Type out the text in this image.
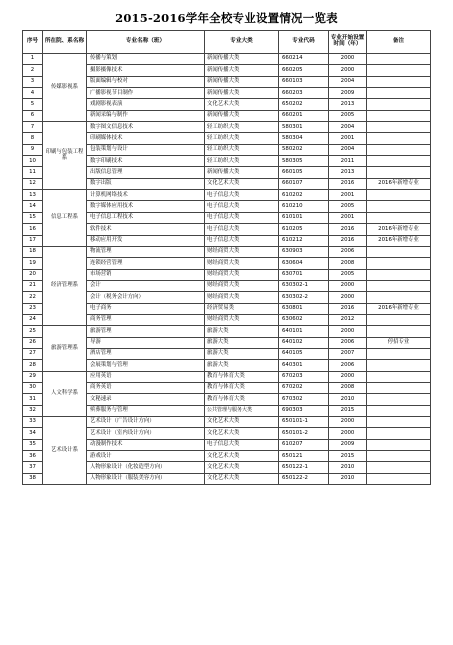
2015-2016学年全校专业设置情况一览表
序号	所在院、系名称	专业名称（班）	专业大类	专业代码	专业开始设置时间（年）	备注
1	传媒影视系	传播与策划	新闻传播大类	660214	2000	
2		摄影摄像技术	新闻传播大类	660205	2000	
3		版面编辑与校对	新闻传播大类	660103	2004	
4		广播影视节目制作	新闻传播大类	660203	2009	
5		戏剧影视表演	文化艺术大类	650202	2013	
6		新闻采编与制作	新闻传播大类	660201	2005	
7	印刷与包装工程系	数字图文信息技术	轻工纺织大类	580301	2004	
8		印刷媒体技术	轻工纺织大类	580304	2001	
9		包装策划与设计	轻工纺织大类	580202	2004	
10		数字印刷技术	轻工纺织大类	580305	2011	
11		出版信息管理	新闻传播大类	660105	2013	
12		数字出版	文化艺术大类	660107	2016	2016年新增专业
13	信息工程系	计算机网络技术	电子信息大类	610202	2001	
14		数字媒体应用技术	电子信息大类	610210	2005	
15		电子信息工程技术	电子信息大类	610101	2001	
16		软件技术	电子信息大类	610205	2016	2016年新增专业
17		移动应用开发	电子信息大类	610212	2016	2016年新增专业
18	经济管理系	物流管理	财经商贸大类	630903	2006	
19		连锁经营管理	财经商贸大类	630604	2008	
20		市场营销	财经商贸大类	630701	2005	
21		会计	财经商贸大类	630302-1	2000	
22		会计（税务会计方向）	财经商贸大类	630302-2	2000	
23		电子商务	经济贸易类	630801	2016	2016年新增专业
24		商务管理	财经商贸大类	630602	2012	
25	旅游管理系	旅游管理	旅游大类	640101	2000	
26		导游	旅游大类	640102	2006	停招专业
27		酒店管理	旅游大类	640105	2007	
28		会展策划与管理	旅游大类	640301	2006	
29	人文科学系	应用英语	教育与体育大类	670203	2000	
30		商务英语	教育与体育大类	670202	2008	
31		文秘速录	教育与体育大类	670302	2010	
32		殡葬服务与管理	公共管理与服务大类	690303	2015	
33	艺术设计系	艺术设计（广告设计方向）	文化艺术大类	650101-1	2000	
34		艺术设计（室内设计方向）	文化艺术大类	650101-2	2000	
35		动漫制作技术	电子信息大类	610207	2009	
36		游戏设计	文化艺术大类	650121	2015	
37		人物形象设计（化妆造型方向）	文化艺术大类	650122-1	2010	
38		人物形象设计（服装美容方向）	文化艺术大类	650122-2	2010	
